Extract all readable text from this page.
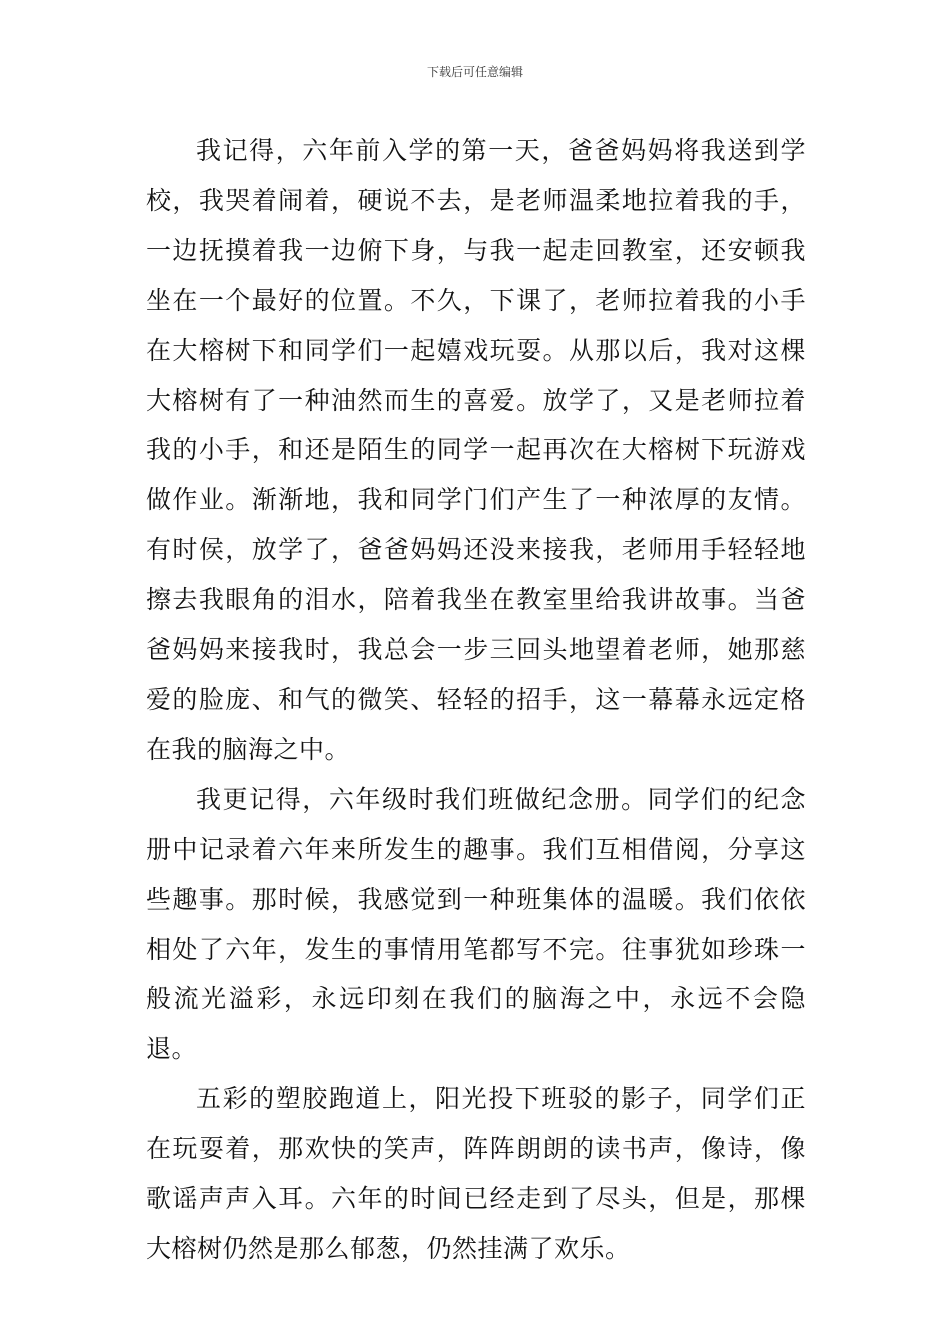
下载后可任意编辑

我记得，六年前入学的第一天，爸爸妈妈将我送到学校，我哭着闹着，硬说不去，是老师温柔地拉着我的手，一边抚摸着我一边俯下身，与我一起走回教室，还安顿我坐在一个最好的位置。不久，下课了，老师拉着我的小手在大榕树下和同学们一起嬉戏玩耍。从那以后，我对这棵大榕树有了一种油然而生的喜爱。放学了，又是老师拉着我的小手，和还是陌生的同学一起再次在大榕树下玩游戏做作业。渐渐地，我和同学门们产生了一种浓厚的友情。有时侯，放学了，爸爸妈妈还没来接我，老师用手轻轻地擦去我眼角的泪水，陪着我坐在教室里给我讲故事。当爸爸妈妈来接我时，我总会一步三回头地望着老师，她那慈爱的脸庞、和气的微笑、轻轻的招手，这一幕幕永远定格在我的脑海之中。

我更记得，六年级时我们班做纪念册。同学们的纪念册中记录着六年来所发生的趣事。我们互相借阅，分享这些趣事。那时候，我感觉到一种班集体的温暖。我们依依相处了六年，发生的事情用笔都写不完。往事犹如珍珠一般流光溢彩，永远印刻在我们的脑海之中，永远不会隐退。

五彩的塑胶跑道上，阳光投下班驳的影子，同学们正在玩耍着，那欢快的笑声，阵阵朗朗的读书声，像诗，像歌谣声声入耳。六年的时间已经走到了尽头，但是，那棵大榕树仍然是那么郁葱，仍然挂满了欢乐。
